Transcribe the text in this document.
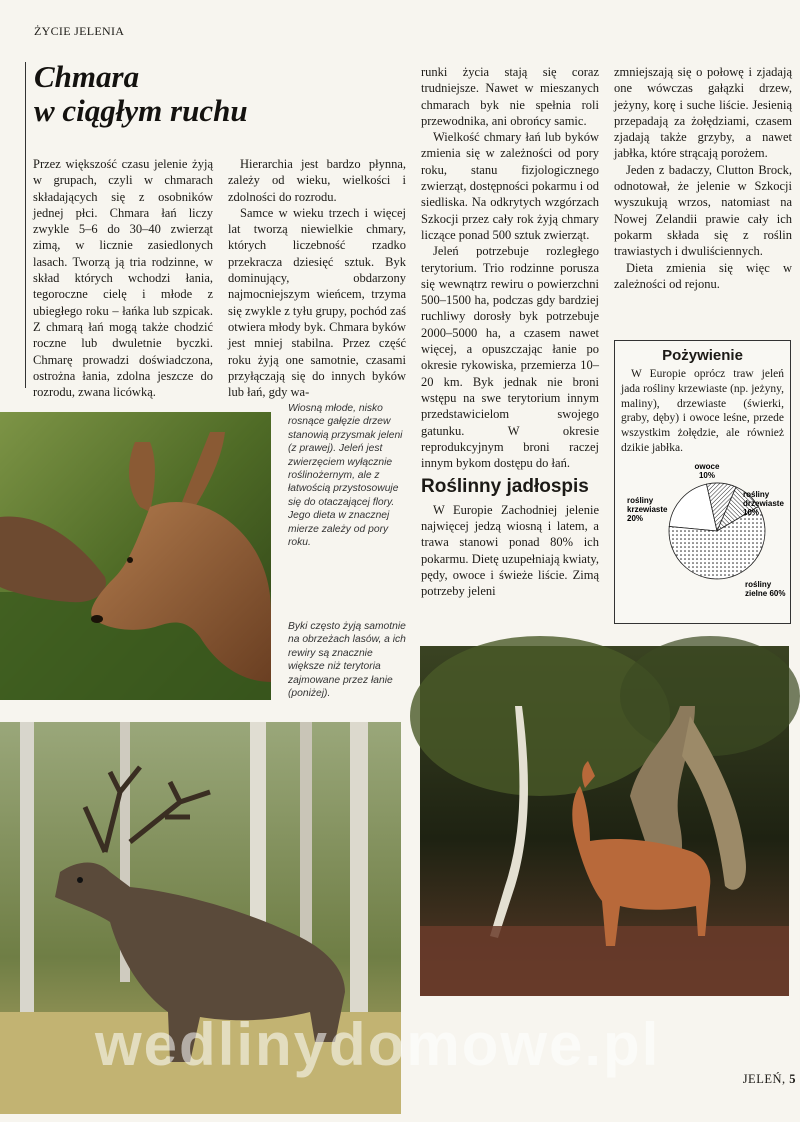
ŻYCIE JELENIA
Chmara
w ciągłym ruchu

Przez większość czasu jelenie żyją w grupach, czyli w chmarach składających się z osobników jednej płci. Chmara łań liczy zwykle 5–6 do 30–40 zwierząt zimą, w licznie zasiedlonych lasach. Tworzą ją tria rodzinne, w skład których wchodzi łania, tegoroczne cielę i młode z ubiegłego roku – łańka lub szpicak. Z chmarą łań mogą także chodzić roczne lub dwuletnie byczki. Chmarę prowadzi doświadczona, ostrożna łania, zdolna jeszcze do rozrodu, zwana licówką.

Hierarchia jest bardzo płynna, zależy od wieku, wielkości i zdolności do rozrodu.

Samce w wieku trzech i więcej lat tworzą niewielkie chmary, których liczebność rzadko przekracza dziesięć sztuk. Byk dominujący, obdarzony najmocniejszym wieńcem, trzyma się zwykle z tyłu grupy, pochód zaś otwiera młody byk. Chmara byków jest mniej stabilna. Przez część roku żyją one samotnie, czasami przyłączają się do innych byków lub łań, gdy wa-

runki życia stają się coraz trudniejsze. Nawet w mieszanych chmarach byk nie spełnia roli przewodnika, ani obrońcy samic.

Wielkość chmary łań lub byków zmienia się w zależności od pory roku, stanu fizjologicznego zwierząt, dostępności pokarmu i od siedliska. Na odkrytych wzgórzach Szkocji przez cały rok żyją chmary liczące ponad 500 sztuk zwierząt.

Jeleń potrzebuje rozległego terytorium. Trio rodzinne porusza się wewnątrz rewiru o powierzchni 500–1500 ha, podczas gdy bardziej ruchliwy dorosły byk potrzebuje 2000–5000 ha, a czasem nawet więcej, a opuszczając łanie po okresie rykowiska, przemierza 10–20 km. Byk jednak nie broni wstępu na swe terytorium innym przedstawicielom swojego gatunku. W okresie reprodukcyjnym broni raczej innym bykom dostępu do łań.

Roślinny jadłospis

W Europie Zachodniej jelenie najwięcej jedzą wiosną i latem, a trawa stanowi ponad 80% ich pokarmu. Dietę uzupełniają kwiaty, pędy, owoce i świeże liście. Zimą potrzeby jeleni

zmniejszają się o połowę i zjadają one wówczas gałązki drzew, jeżyny, korę i suche liście. Jesienią przepadają za żołędziami, czasem zjadają także grzyby, a nawet jabłka, które strącają porożem.

Jeden z badaczy, Clutton Brock, odnotował, że jelenie w Szkocji wyszukują wrzos, natomiast na Nowej Zelandii prawie cały ich pokarm składa się z roślin trawiastych i dwuliściennych.

Dieta zmienia się więc w zależności od rejonu.

Wiosną młode, nisko rosnące gałęzie drzew stanowią przysmak jeleni (z prawej). Jeleń jest zwierzęciem wyłącznie roślinożernym, ale z łatwością przystosowuje się do otaczającej flory. Jego dieta w znacznej mierze zależy od pory roku.
Byki często żyją samotnie na obrzeżach lasów, a ich rewiry są znacznie większe niż terytoria zajmowane przez łanie (poniżej).
Pożywienie

W Europie oprócz traw jeleń jada rośliny krzewiaste (np. jeżyny, maliny), drzewiaste (świerki, graby, dęby) i owoce leśne, przede wszystkim żołędzie, ale również dzikie jabłka.

rośliny zielne 60%
rośliny krzewiaste 20%
owoce 10%
rośliny drzewiaste 10%
JELEŃ, 5
wedlinydomowe.pl
